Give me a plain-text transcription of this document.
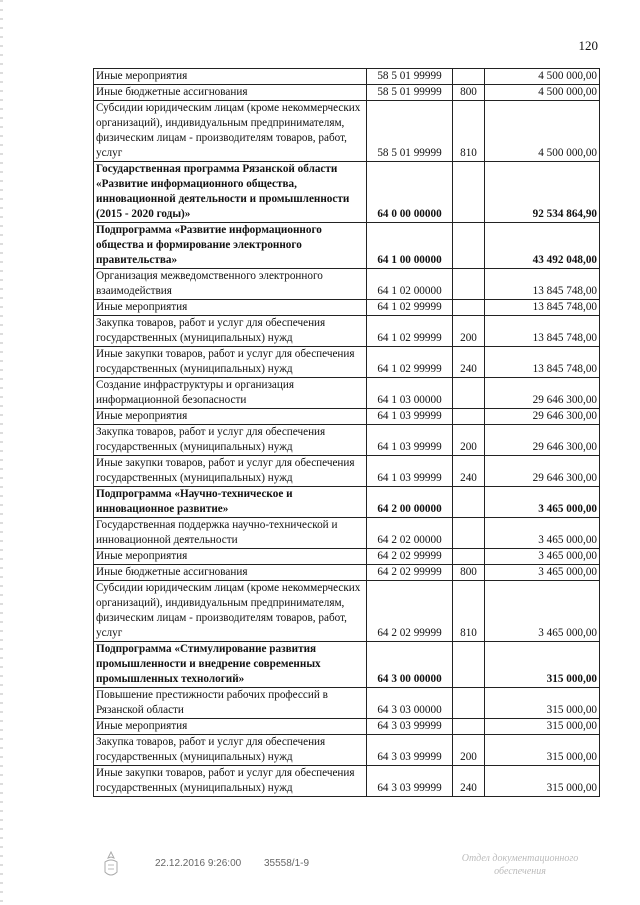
120
Иные мероприятия	58 5 01 99999		4 500 000,00
Иные бюджетные ассигнования	58 5 01 99999	800	4 500 000,00
Субсидии юридическим лицам (кроме некоммерческих организаций), индивидуальным предпринимателям, физическим лицам - производителям товаров, работ, услуг	58 5 01 99999	810	4 500 000,00
Государственная программа Рязанской области «Развитие информационного общества, инновационной деятельности и промышленности (2015 - 2020 годы)»	64 0 00 00000		92 534 864,90
Подпрограмма «Развитие информационного общества и формирование электронного правительства»	64 1 00 00000		43 492 048,00
Организация межведомственного электронного взаимодействия	64 1 02 00000		13 845 748,00
Иные мероприятия	64 1 02 99999		13 845 748,00
Закупка товаров, работ и услуг для обеспечения государственных (муниципальных) нужд	64 1 02 99999	200	13 845 748,00
Иные закупки товаров, работ и услуг для обеспечения государственных (муниципальных) нужд	64 1 02 99999	240	13 845 748,00
Создание инфраструктуры и организация информационной безопасности	64 1 03 00000		29 646 300,00
Иные мероприятия	64 1 03 99999		29 646 300,00
Закупка товаров, работ и услуг для обеспечения государственных (муниципальных) нужд	64 1 03 99999	200	29 646 300,00
Иные закупки товаров, работ и услуг для обеспечения государственных (муниципальных) нужд	64 1 03 99999	240	29 646 300,00
Подпрограмма «Научно-техническое и инновационное развитие»	64 2 00 00000		3 465 000,00
Государственная поддержка научно-технической и инновационной деятельности	64 2 02 00000		3 465 000,00
Иные мероприятия	64 2 02 99999		3 465 000,00
Иные бюджетные ассигнования	64 2 02 99999	800	3 465 000,00
Субсидии юридическим лицам (кроме некоммерческих организаций), индивидуальным предпринимателям, физическим лицам - производителям товаров, работ, услуг	64 2 02 99999	810	3 465 000,00
Подпрограмма «Стимулирование развития промышленности и внедрение современных промышленных технологий»	64 3 00 00000		315 000,00
Повышение престижности рабочих профессий в Рязанской области	64 3 03 00000		315 000,00
Иные мероприятия	64 3 03 99999		315 000,00
Закупка товаров, работ и услуг для обеспечения государственных (муниципальных) нужд	64 3 03 99999	200	315 000,00
Иные закупки товаров, работ и услуг для обеспечения государственных (муниципальных) нужд	64 3 03 99999	240	315 000,00
22.12.2016 9:26:00 35558/1-9	Отдел документационного
обеспечения
